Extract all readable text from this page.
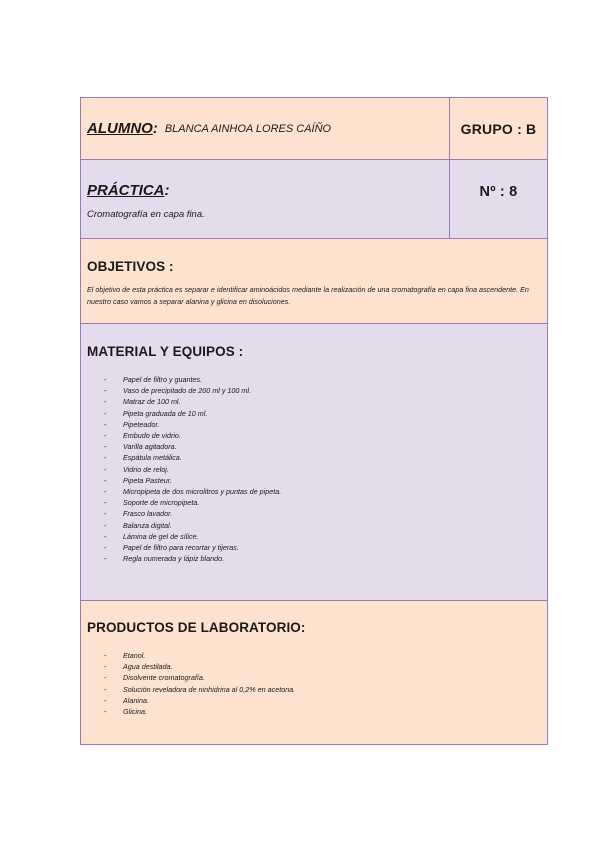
ALUMNO : BLANCA AINHOA LORES CAÍÑO	GRUPO : B
PRÁCTICA:
Cromatografía en capa fina.
Nº : 8
OBJETIVOS :
El objetivo de esta práctica es separar e identificar aminoácidos mediante la realización de una cromatografía en capa fina ascendente. En nuestro caso vamos a separar alanina y glicina en disoluciones.
MATERIAL Y EQUIPOS :
- Papel de filtro y guantes.
- Vaso de precipitado de 200 ml y 100 ml.
- Matraz de 100 ml.
- Pipeta graduada de 10 ml.
- Pipeteador.
- Embudo de vidrio.
- Varilla agitadora.
- Espátula metálica.
- Vidrio de reloj.
- Pipeta Pasteur.
- Micropipeta de dos microlitros y puntas de pipeta.
- Soporte de micropipeta.
- Frasco lavador.
- Balanza digital.
- Lámina de gel de sílice.
- Papel de filtro para recortar y tijeras.
- Regla numerada y lápiz blando.
PRODUCTOS DE LABORATORIO:
- Etanol.
- Agua destilada.
- Disolvente cromatografía.
- Solución reveladora de ninhidrina al 0,2% en acetona.
- Alanina.
- Glicina.
